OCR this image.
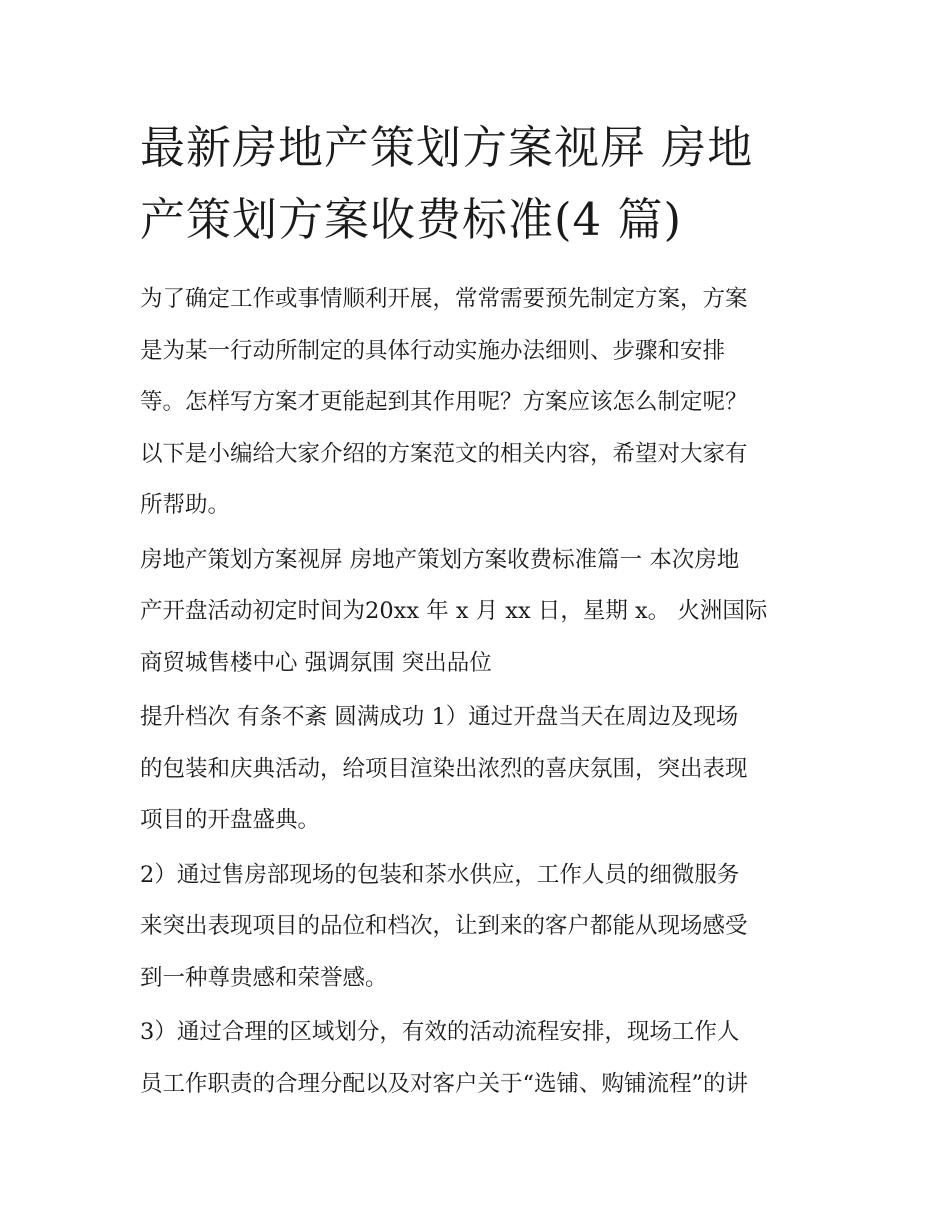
最新房地产策划方案视屏 房地
产策划方案收费标准(4 篇)

为了确定工作或事情顺利开展，常常需要预先制定方案，方案
是为某一行动所制定的具体行动实施办法细则、步骤和安排
等。怎样写方案才更能起到其作用呢？方案应该怎么制定呢？
以下是小编给大家介绍的方案范文的相关内容，希望对大家有
所帮助。

房地产策划方案视屏 房地产策划方案收费标准篇一 本次房地
产开盘活动初定时间为20xx 年 x 月 xx 日，星期 x。 火洲国际
商贸城售楼中心 强调氛围 突出品位

提升档次 有条不紊 圆满成功 1）通过开盘当天在周边及现场
的包装和庆典活动，给项目渲染出浓烈的喜庆氛围，突出表现
项目的开盘盛典。

2）通过售房部现场的包装和茶水供应，工作人员的细微服务
来突出表现项目的品位和档次，让到来的客户都能从现场感受
到一种尊贵感和荣誉感。

3）通过合理的区域划分，有效的活动流程安排，现场工作人
员工作职责的合理分配以及对客户关于“选铺、购铺流程”的讲
